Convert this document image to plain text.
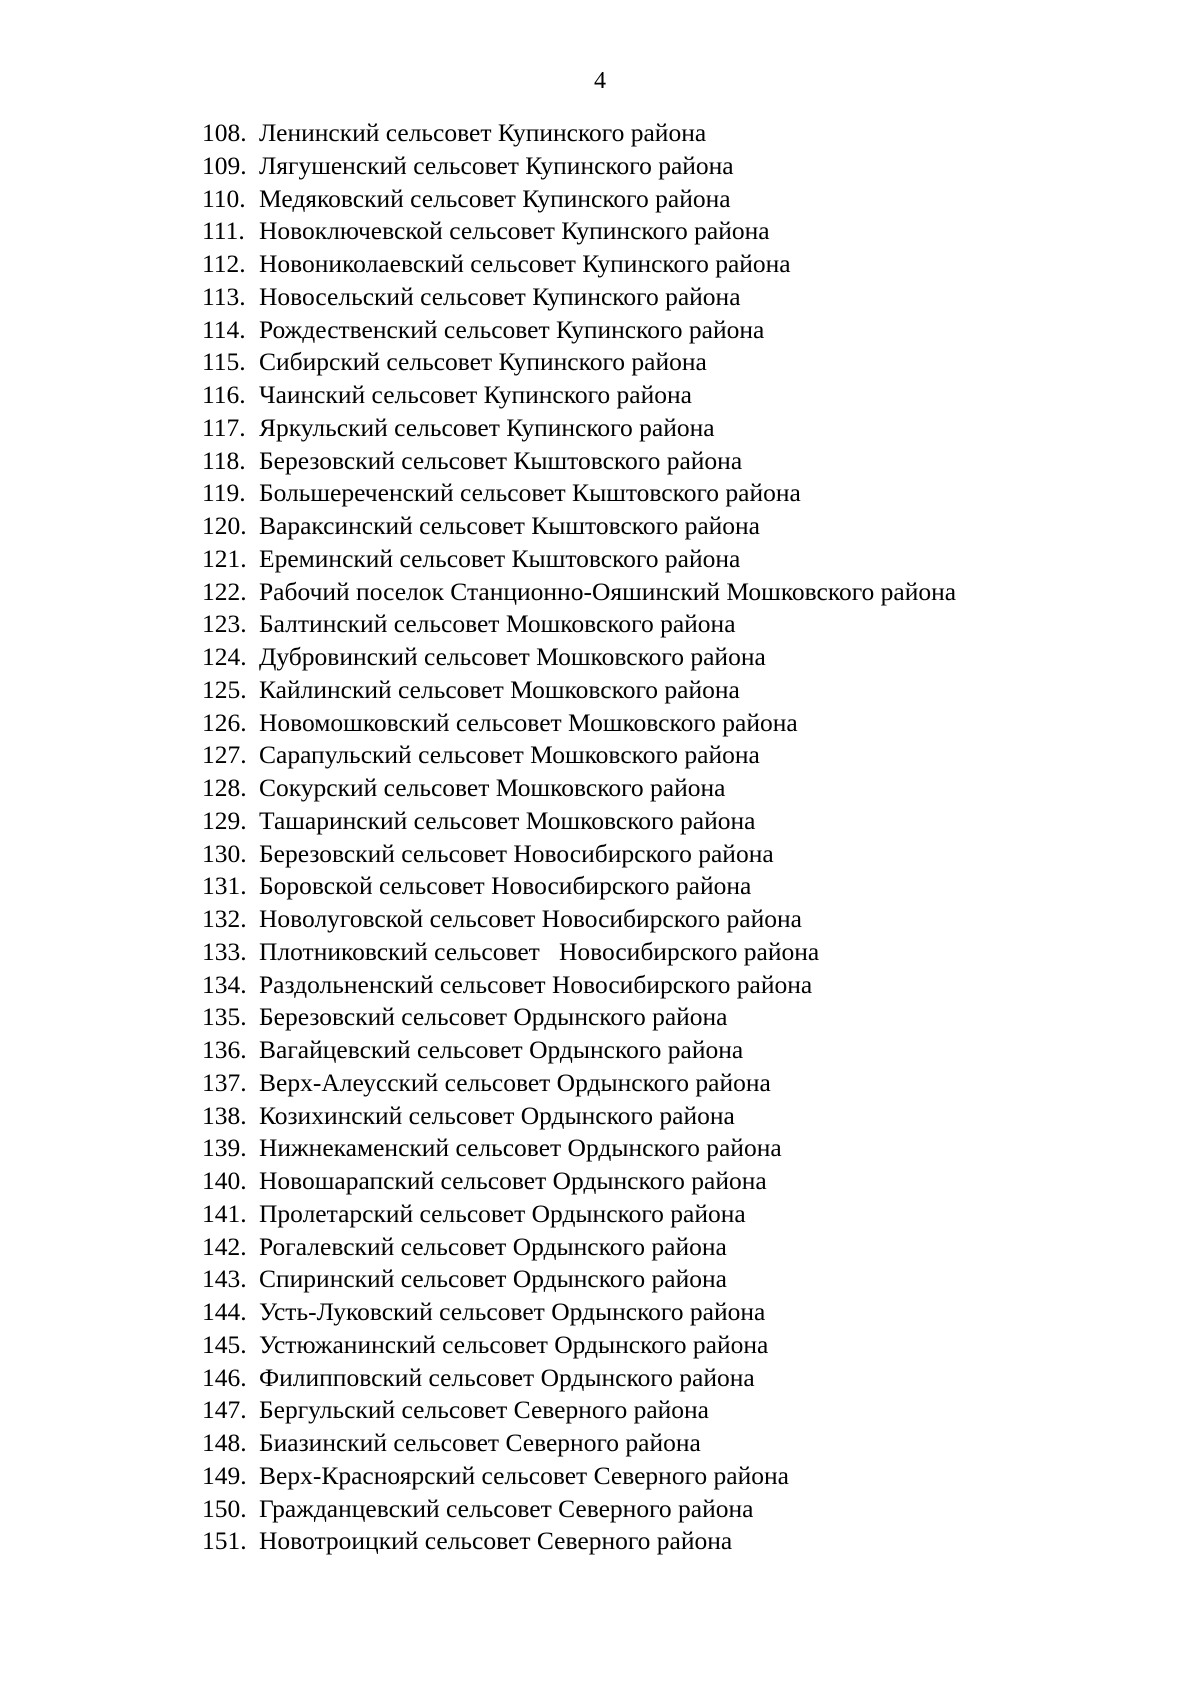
4
108. Ленинский сельсовет Купинского района
109. Лягушенский сельсовет Купинского района
110. Медяковский сельсовет Купинского района
111. Новоключевской сельсовет Купинского района
112. Новониколаевский сельсовет Купинского района
113. Новосельский сельсовет Купинского района
114. Рождественский сельсовет Купинского района
115. Сибирский сельсовет Купинского района
116. Чаинский сельсовет Купинского района
117. Яркульский сельсовет Купинского района
118. Березовский сельсовет Кыштовского района
119. Большереченский сельсовет Кыштовского района
120. Вараксинский сельсовет Кыштовского района
121. Ереминский сельсовет Кыштовского района
122. Рабочий поселок Станционно-Ояшинский Мошковского района
123. Балтинский сельсовет Мошковского района
124. Дубровинский сельсовет Мошковского района
125. Кайлинский сельсовет Мошковского района
126. Новомошковский сельсовет Мошковского района
127. Сарапульский сельсовет Мошковского района
128. Сокурский сельсовет Мошковского района
129. Ташаринский сельсовет Мошковского района
130. Березовский сельсовет Новосибирского района
131. Боровской сельсовет Новосибирского района
132. Новолуговской сельсовет Новосибирского района
133. Плотниковский сельсовет   Новосибирского района
134. Раздольненский сельсовет Новосибирского района
135. Березовский сельсовет Ордынского района
136. Вагайцевский сельсовет Ордынского района
137. Верх-Алеусский сельсовет Ордынского района
138. Козихинский сельсовет Ордынского района
139. Нижнекаменский сельсовет Ордынского района
140. Новошарапский сельсовет Ордынского района
141. Пролетарский сельсовет Ордынского района
142. Рогалевский сельсовет Ордынского района
143. Спиринский сельсовет Ордынского района
144. Усть-Луковский сельсовет Ордынского района
145. Устюжанинский сельсовет Ордынского района
146. Филипповский сельсовет Ордынского района
147. Бергульский сельсовет Северного района
148. Биазинский сельсовет Северного района
149. Верх-Красноярский сельсовет Северного района
150. Гражданцевский сельсовет Северного района
151. Новотроицкий сельсовет Северного района
